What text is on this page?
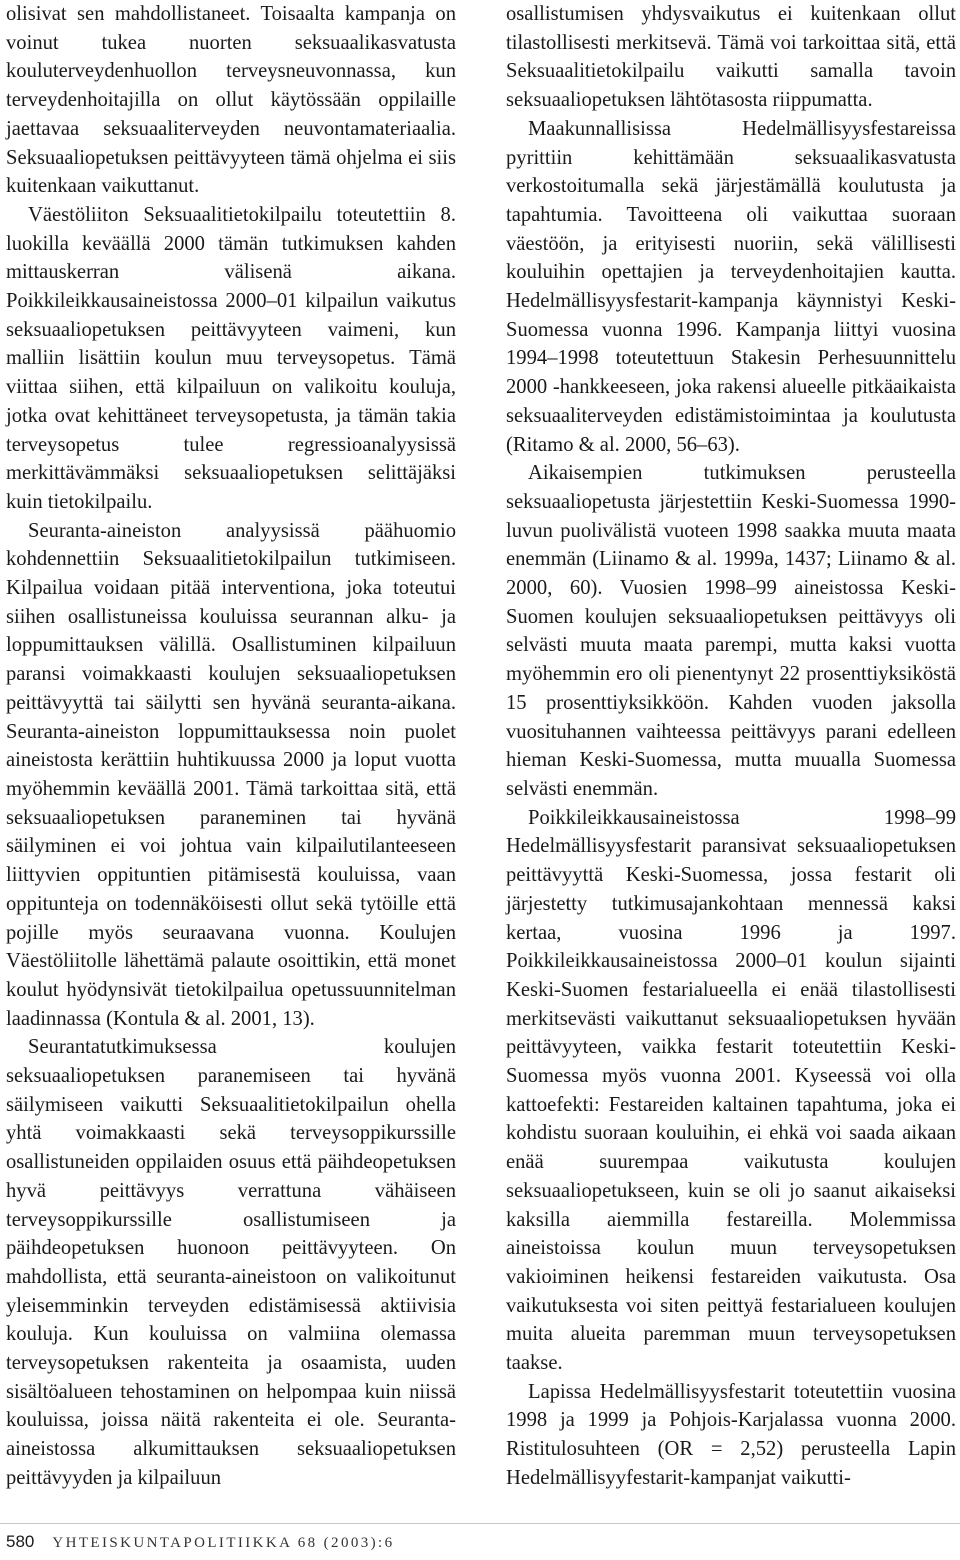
olisivat sen mahdollistaneet. Toisaalta kampanja on voinut tukea nuorten seksuaalikasvatusta kouluterveydenhuollon terveysneuvonnassa, kun terveydenhoitajilla on ollut käytössään oppilaille jaettavaa seksuaaliterveyden neuvontamateriaalia. Seksuaaliopetuksen peittävyyteen tämä ohjelma ei siis kuitenkaan vaikuttanut.

Väestöliiton Seksuaalitietokilpailu toteutettiin 8. luokilla keväällä 2000 tämän tutkimuksen kahden mittauskerran välisenä aikana. Poikkileikkausaineistossa 2000–01 kilpailun vaikutus seksuaaliopetuksen peittävyyteen vaimeni, kun malliin lisättiin koulun muu terveysopetus. Tämä viittaa siihen, että kilpailuun on valikoitu kouluja, jotka ovat kehittäneet terveysopetusta, ja tämän takia terveysopetus tulee regressioanalyysissä merkittävämmäksi seksuaaliopetuksen selittäjäksi kuin tietokilpailu.

Seuranta-aineiston analyysissä päähuomio kohdennettiin Seksuaalitietokilpailun tutkimiseen. Kilpailua voidaan pitää interventiona, joka toteutui siihen osallistuneissa kouluissa seurannan alku- ja loppumittauksen välillä. Osallistuminen kilpailuun paransi voimakkaasti koulujen seksuaaliopetuksen peittävyyttä tai säilytti sen hyvänä seuranta-aikana. Seuranta-aineiston loppumittauksessa noin puolet aineistosta kerättiin huhtikuussa 2000 ja loput vuotta myöhemmin keväällä 2001. Tämä tarkoittaa sitä, että seksuaaliopetuksen paraneminen tai hyvänä säilyminen ei voi johtua vain kilpailutilanteeseen liittyvien oppituntien pitämisestä kouluissa, vaan oppitunteja on todennäköisesti ollut sekä tytöille että pojille myös seuraavana vuonna. Koulujen Väestöliitolle lähettämä palaute osoittikin, että monet koulut hyödynsivät tietokilpailua opetussuunnitelman laadinnassa (Kontula & al. 2001, 13).

Seurantatutkimuksessa koulujen seksuaaliopetuksen paranemiseen tai hyvänä säilymiseen vaikutti Seksuaalitietokilpailun ohella yhtä voimakkaasti sekä terveysoppikurssille osallistuneiden oppilaiden osuus että päihdeopetuksen hyvä peittävyys verrattuna vähäiseen terveysoppikurssille osallistumiseen ja päihdeopetuksen huonoon peittävyyteen. On mahdollista, että seuranta-aineistoon on valikoitunut yleisemminkin terveyden edistämisessä aktiivisia kouluja. Kun kouluissa on valmiina olemassa terveysopetuksen rakenteita ja osaamista, uuden sisältöalueen tehostaminen on helpompaa kuin niissä kouluissa, joissa näitä rakenteita ei ole. Seuranta-aineistossa alkumittauksen seksuaaliopetuksen peittävyyden ja kilpailuun

osallistumisen yhdysvaikutus ei kuitenkaan ollut tilastollisesti merkitsevä. Tämä voi tarkoittaa sitä, että Seksuaalitietokilpailu vaikutti samalla tavoin seksuaaliopetuksen lähtötasosta riippumatta.

Maakunnallisissa Hedelmällisyysfestareissa pyrittiin kehittämään seksuaalikasvatusta verkostoitumalla sekä järjestämällä koulutusta ja tapahtumia. Tavoitteena oli vaikuttaa suoraan väestöön, ja erityisesti nuoriin, sekä välillisesti kouluihin opettajien ja terveydenhoitajien kautta. Hedelmällisyysfestarit-kampanja käynnistyi Keski-Suomessa vuonna 1996. Kampanja liittyi vuosina 1994–1998 toteutettuun Stakesin Perhesuunnittelu 2000 -hankkeeseen, joka rakensi alueelle pitkäaikaista seksuaaliterveyden edistämistoimintaa ja koulutusta (Ritamo & al. 2000, 56–63).

Aikaisempien tutkimuksen perusteella seksuaaliopetusta järjestettiin Keski-Suomessa 1990-luvun puolivälistä vuoteen 1998 saakka muuta maata enemmän (Liinamo & al. 1999a, 1437; Liinamo & al. 2000, 60). Vuosien 1998–99 aineistossa Keski-Suomen koulujen seksuaaliopetuksen peittävyys oli selvästi muuta maata parempi, mutta kaksi vuotta myöhemmin ero oli pienentynyt 22 prosenttiyksiköstä 15 prosenttiyksikköön. Kahden vuoden jaksolla vuosituhannen vaihteessa peittävyys parani edelleen hieman Keski-Suomessa, mutta muualla Suomessa selvästi enemmän.

Poikkileikkausaineistossa 1998–99 Hedelmällisyysfestarit paransivat seksuaaliopetuksen peittävyyttä Keski-Suomessa, jossa festarit oli järjestetty tutkimusajankohtaan mennessä kaksi kertaa, vuosina 1996 ja 1997. Poikkileikkausaineistossa 2000–01 koulun sijainti Keski-Suomen festarialueella ei enää tilastollisesti merkitsevästi vaikuttanut seksuaaliopetuksen hyvään peittävyyteen, vaikka festarit toteutettiin Keski-Suomessa myös vuonna 2001. Kyseessä voi olla kattoefekti: Festareiden kaltainen tapahtuma, joka ei kohdistu suoraan kouluihin, ei ehkä voi saada aikaan enää suurempaa vaikutusta koulujen seksuaaliopetukseen, kuin se oli jo saanut aikaiseksi kaksilla aiemmilla festareilla. Molemmissa aineistoissa koulun muun terveysopetuksen vakioiminen heikensi festareiden vaikutusta. Osa vaikutuksesta voi siten peittyä festarialueen koulujen muita alueita paremman muun terveysopetuksen taakse.

Lapissa Hedelmällisyysfestarit toteutettiin vuosina 1998 ja 1999 ja Pohjois-Karjalassa vuonna 2000. Ristitulosuhteen (OR = 2,52) perusteella Lapin Hedelmällisyyfestarit-kampanjat vaikutti-

580 YHTEISKUNTAPOLITIIKKA 68 (2003):6
